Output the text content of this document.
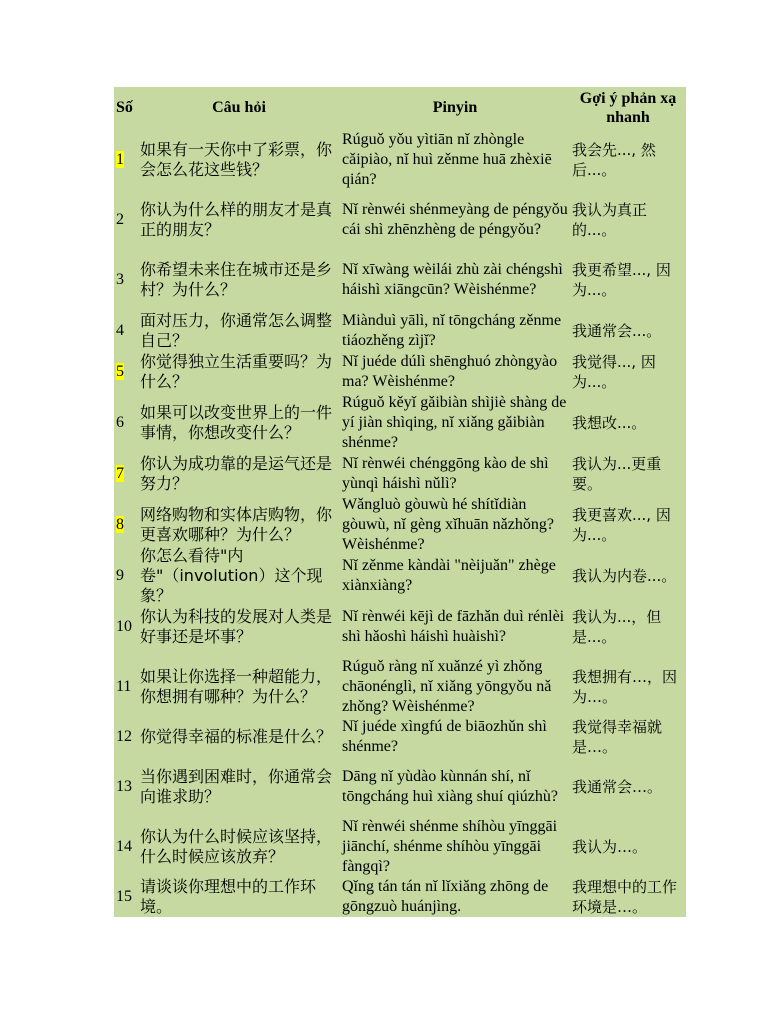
Số	Câu hỏi	Pinyin
Gợi ý phản xạ nhanh
1
如果有一天你中了彩票，你会怎么花这些钱？
Rúguǒ yǒu yìtiān nǐ zhòngle cǎipiào, nǐ huì zěnme huā zhèxiē qián?
我会先..., 然后...。
2
你认为什么样的朋友才是真正的朋友？
Nǐ rènwéi shénmeyàng de péngyǒu cái shì zhēnzhèng de péngyǒu?
我认为真正的...。
3
你希望未来住在城市还是乡村？为什么？
Nǐ xīwàng wèilái zhù zài chéngshì háishì xiāngcūn? Wèishénme?
我更希望..., 因为...。
4
面对压力，你通常怎么调整自己？
Miànduì yālì, nǐ tōngcháng zěnme tiáozhěng zìjǐ?
我通常会...。
5
你觉得独立生活重要吗？为什么？
Nǐ juéde dúlì shēnghuó zhòngyào ma? Wèishénme?
我觉得..., 因为...。
6
如果可以改变世界上的一件事情，你想改变什么？
Rúguǒ kěyǐ gǎibiàn shìjiè shàng de yí jiàn shìqing, nǐ xiǎng gǎibiàn shénme?
我想改...。
7
你认为成功靠的是运气还是努力？
Nǐ rènwéi chénggōng kào de shì yùnqì háishì nǔlì?
我认为...更重要。
8
网络购物和实体店购物，你更喜欢哪种？为什么？
Wǎngluò gòuwù hé shítǐdiàn gòuwù, nǐ gèng xǐhuān nǎzhǒng? Wèishénme?
我更喜欢..., 因为...。
9
你怎么看待"内卷"（involution）这个现象？
Nǐ zěnme kàndài "nèijuǎn" zhège xiànxiàng?
我认为内卷...。
10
你认为科技的发展对人类是好事还是坏事？
Nǐ rènwéi kējì de fāzhǎn duì rénlèi shì hǎoshì háishì huàishì?
我认为...，但是...。
11
如果让你选择一种超能力，你想拥有哪种？为什么？
Rúguǒ ràng nǐ xuǎnzé yì zhǒng chāonénglì, nǐ xiǎng yōngyǒu nǎ zhǒng? Wèishénme?
我想拥有…，因为…。
12 你觉得幸福的标准是什么？
Nǐ juéde xìngfú de biāozhǔn shì shénme?
我觉得幸福就是…。
13
当你遇到困难时，你通常会向谁求助？
Dāng nǐ yùdào kùnnán shí, nǐ tōngcháng huì xiàng shuí qiúzhù?
我通常会…。
14
你认为什么时候应该坚持，什么时候应该放弃？
Nǐ rènwéi shénme shíhòu yīnggāi jiānchí, shénme shíhòu yīnggāi fàngqì?
我认为…。
15
请谈谈你理想中的工作环境。
Qǐng tán tán nǐ lǐxiǎng zhōng de gōngzuò huánjìng.
我理想中的工作环境是…。
